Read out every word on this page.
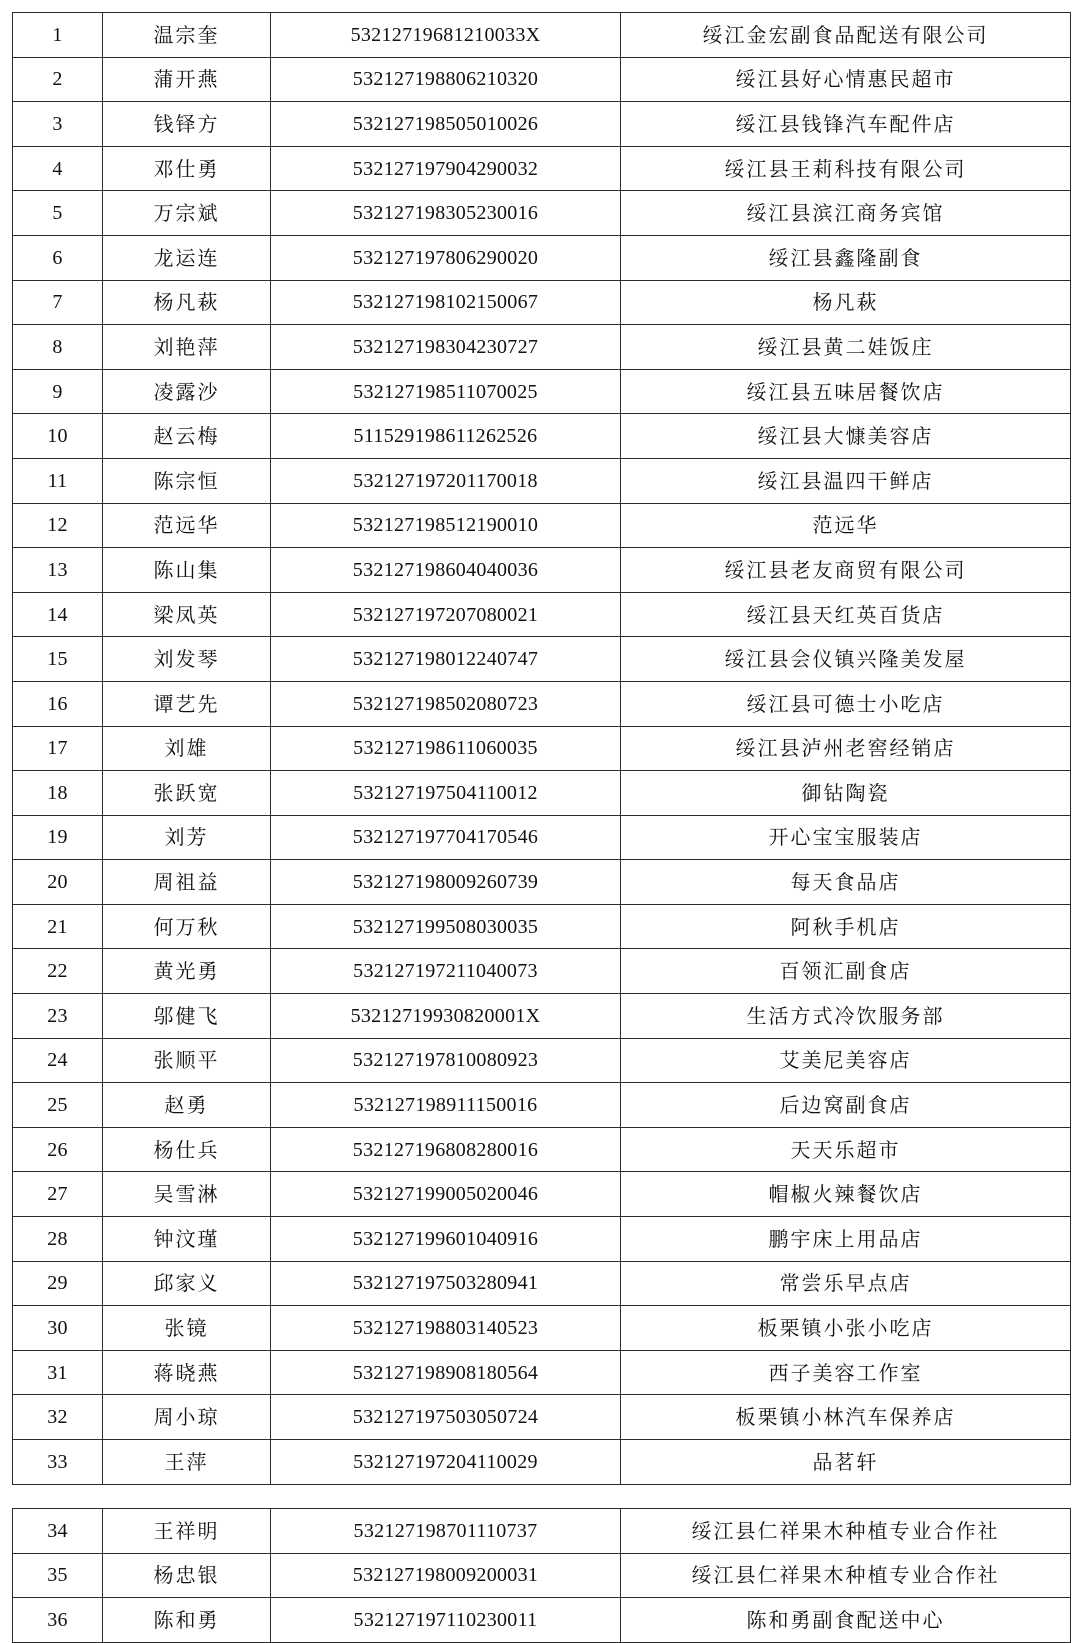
1	温宗奎	53212719681210033X	绥江金宏副食品配送有限公司
2	蒲开燕	532127198806210320	绥江县好心情惠民超市
3	钱铎方	532127198505010026	绥江县钱锋汽车配件店
4	邓仕勇	532127197904290032	绥江县王莉科技有限公司
5	万宗斌	532127198305230016	绥江县滨江商务宾馆
6	龙运连	532127197806290020	绥江县鑫隆副食
7	杨凡萩	532127198102150067	杨凡萩
8	刘艳萍	532127198304230727	绥江县黄二娃饭庄
9	凌露沙	532127198511070025	绥江县五味居餐饮店
10	赵云梅	511529198611262526	绥江县大慷美容店
11	陈宗恒	532127197201170018	绥江县温四干鲜店
12	范远华	532127198512190010	范远华
13	陈山集	532127198604040036	绥江县老友商贸有限公司
14	梁凤英	532127197207080021	绥江县天红英百货店
15	刘发琴	532127198012240747	绥江县会仪镇兴隆美发屋
16	谭艺先	532127198502080723	绥江县可德士小吃店
17	刘雄	532127198611060035	绥江县泸州老窖经销店
18	张跃宽	532127197504110012	御钻陶瓷
19	刘芳	532127197704170546	开心宝宝服装店
20	周祖益	532127198009260739	每天食品店
21	何万秋	532127199508030035	阿秋手机店
22	黄光勇	532127197211040073	百领汇副食店
23	邬健飞	53212719930820001X	生活方式冷饮服务部
24	张顺平	532127197810080923	艾美尼美容店
25	赵勇	532127198911150016	后边窝副食店
26	杨仕兵	532127196808280016	天天乐超市
27	吴雪淋	532127199005020046	帽椒火辣餐饮店
28	钟汶瑾	532127199601040916	鹏宇床上用品店
29	邱家义	532127197503280941	常尝乐早点店
30	张镜	532127198803140523	板栗镇小张小吃店
31	蒋晓燕	532127198908180564	西子美容工作室
32	周小琼	532127197503050724	板栗镇小林汽车保养店
33	王萍	532127197204110029	品茗轩
34	王祥明	532127198701110737	绥江县仁祥果木种植专业合作社
35	杨忠银	532127198009200031	绥江县仁祥果木种植专业合作社
36	陈和勇	532127197110230011	陈和勇副食配送中心
